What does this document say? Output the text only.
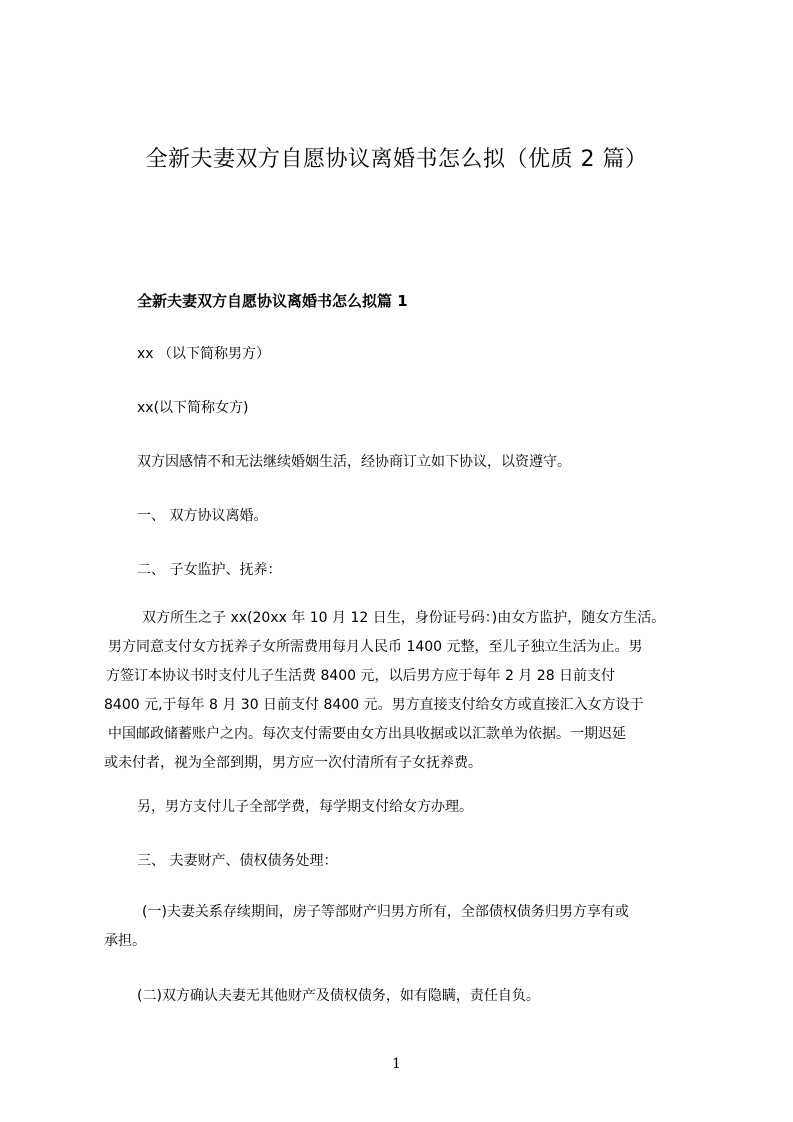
全新夫妻双方自愿协议离婚书怎么拟（优质 2 篇）
全新夫妻双方自愿协议离婚书怎么拟篇 1
xx （以下简称男方）
xx(以下简称女方)
双方因感情不和无法继续婚姻生活，经协商订立如下协议，以资遵守。
一、 双方协议离婚。
二、 子女监护、抚养：
双方所生之子 xx(20xx 年 10 月 12 日生，身份证号码：)由女方监护，随女方生活。
男方同意支付女方抚养子女所需费用每月人民币 1400 元整，至儿子独立生活为止。男
方签订本协议书时支付儿子生活费 8400 元，以后男方应于每年 2 月 28 日前支付
8400 元,于每年 8 月 30 日前支付 8400 元。男方直接支付给女方或直接汇入女方设于
中国邮政储蓄账户之内。每次支付需要由女方出具收据或以汇款单为依据。一期迟延
或未付者，视为全部到期，男方应一次付清所有子女抚养费。
另，男方支付儿子全部学费，每学期支付给女方办理。
三、 夫妻财产、债权债务处理：
(一)夫妻关系存续期间，房子等部财产归男方所有，全部债权债务归男方享有或
承担。
(二)双方确认夫妻无其他财产及债权债务，如有隐瞒，责任自负。
1
